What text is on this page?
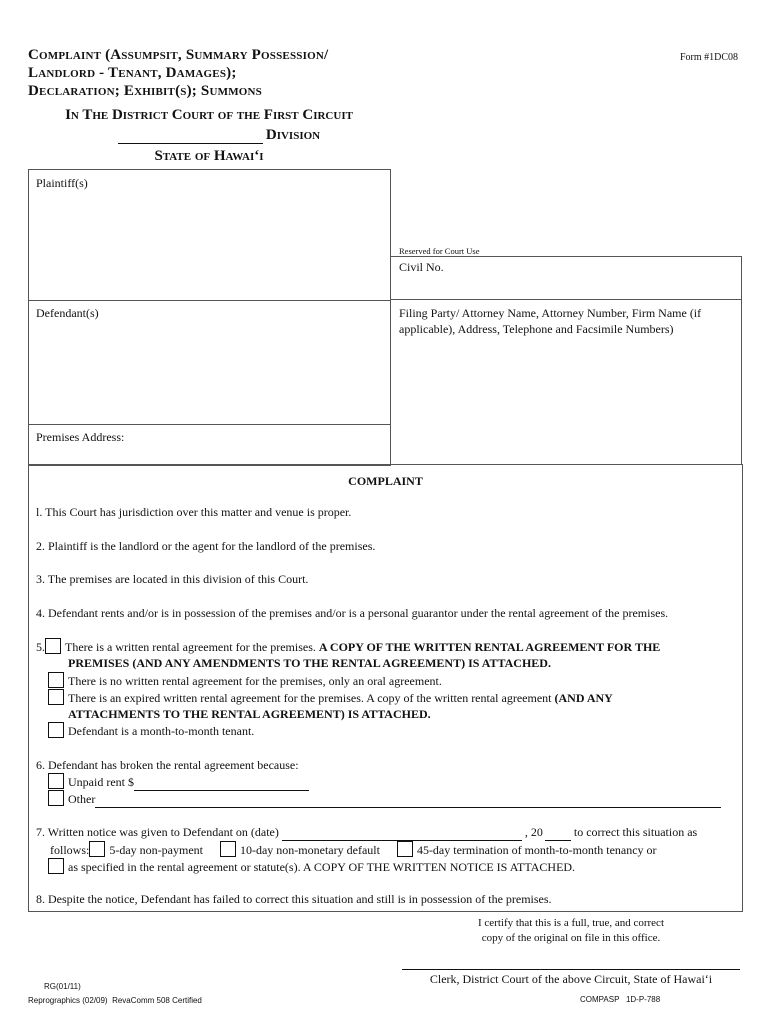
Complaint (Assumpsit, Summary Possession/
Landlord - Tenant, Damages);
Declaration; Exhibit(s); Summons
Form #1DC08
In The District Court of the First Circuit
Division
State of Hawai‘i
Plaintiff(s)
Defendant(s)
Premises Address:
Reserved for Court Use
Civil No.
Filing Party/ Attorney Name, Attorney Number, Firm Name (if applicable), Address, Telephone and Facsimile Numbers)
COMPLAINT
l. This Court has jurisdiction over this matter and venue is proper.
2. Plaintiff is the landlord or the agent for the landlord of the premises.
3. The premises are located in this division of this Court.
4. Defendant rents and/or is in possession of the premises and/or is a personal guarantor under the rental agreement of the premises.
5. There is a written rental agreement for the premises. A COPY OF THE WRITTEN RENTAL AGREEMENT FOR THE
PREMISES (AND ANY AMENDMENTS TO THE RENTAL AGREEMENT) IS ATTACHED.
There is no written rental agreement for the premises, only an oral agreement.
There is an expired written rental agreement for the premises. A copy of the written rental agreement (AND ANY
ATTACHMENTS TO THE RENTAL AGREEMENT) IS ATTACHED.
Defendant is a month-to-month tenant.
6. Defendant has broken the rental agreement because:
Unpaid rent $
Other
7. Written notice was given to Defendant on (date)	, 20	to correct this situation as
follows: 5-day non-payment	10-day non-monetary default	45-day termination of month-to-month tenancy or
as specified in the rental agreement or statute(s). A COPY OF THE WRITTEN NOTICE IS ATTACHED.
8. Despite the notice, Defendant has failed to correct this situation and still is in possession of the premises.
I certify that this is a full, true, and correct
copy of the original on file in this office.
Clerk, District Court of the above Circuit, State of Hawai‘i
RG(01/11)
Reprographics (02/09) RevaComm 508 Certified	COMPASP   1D-P-788
